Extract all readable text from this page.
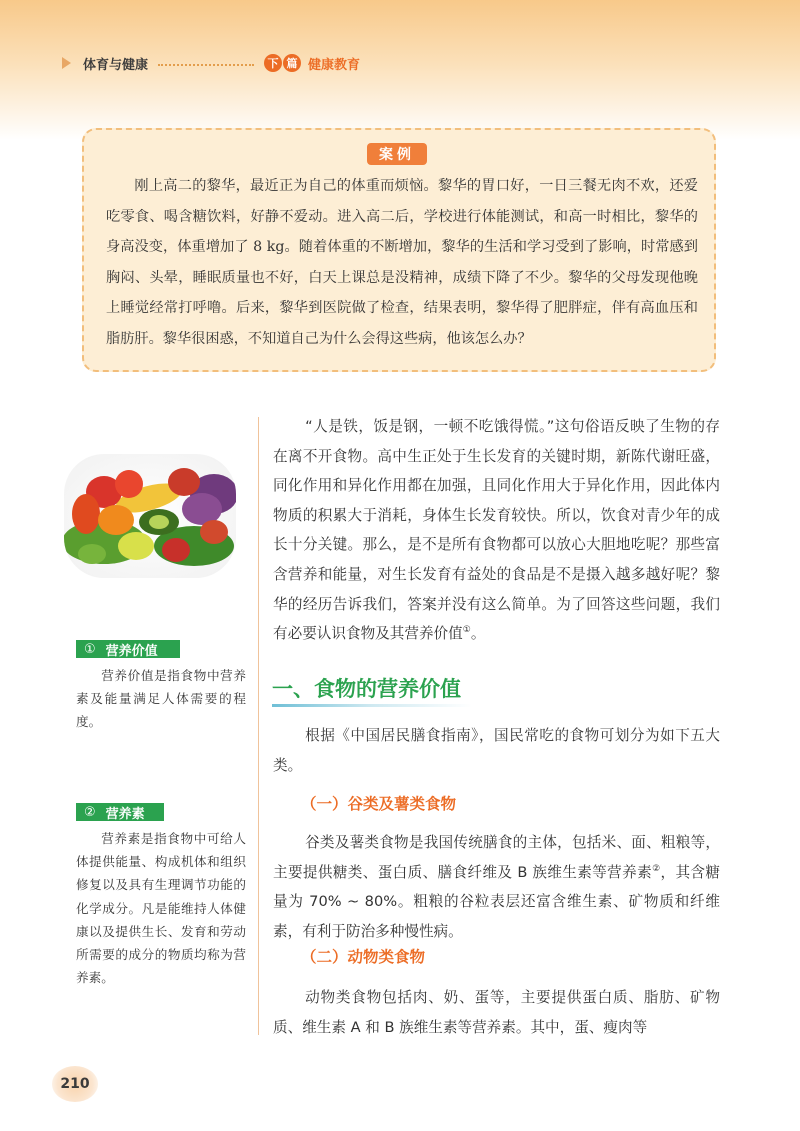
体育与健康	下 篇 健康教育
案例

刚上高二的黎华，最近正为自己的体重而烦恼。黎华的胃口好，一日三餐无肉不欢，还爱吃零食、喝含糖饮料，好静不爱动。进入高二后，学校进行体能测试，和高一时相比，黎华的身高没变，体重增加了 8 kg。随着体重的不断增加，黎华的生活和学习受到了影响，时常感到胸闷、头晕，睡眠质量也不好，白天上课总是没精神，成绩下降了不少。黎华的父母发现他晚上睡觉经常打呼噜。后来，黎华到医院做了检查，结果表明，黎华得了肥胖症，伴有高血压和脂肪肝。黎华很困惑，不知道自己为什么会得这些病，他该怎么办？

① 营养价值

营养价值是指食物中营养素及能量满足人体需要的程度。

② 营养素

营养素是指食物中可给人体提供能量、构成机体和组织修复以及具有生理调节功能的化学成分。凡是能维持人体健康以及提供生长、发育和劳动所需要的成分的物质均称为营养素。

“人是铁，饭是钢，一顿不吃饿得慌。”这句俗语反映了生物的存在离不开食物。高中生正处于生长发育的关键时期，新陈代谢旺盛，同化作用和异化作用都在加强，且同化作用大于异化作用，因此体内物质的积累大于消耗，身体生长发育较快。所以，饮食对青少年的成长十分关键。那么，是不是所有食物都可以放心大胆地吃呢？那些富含营养和能量，对生长发育有益处的食品是不是摄入越多越好呢？黎华的经历告诉我们，答案并没有这么简单。为了回答这些问题，我们有必要认识食物及其营养价值①。

一、食物的营养价值

根据《中国居民膳食指南》，国民常吃的食物可划分为如下五大类。

（一）谷类及薯类食物

谷类及薯类食物是我国传统膳食的主体，包括米、面、粗粮等，主要提供糖类、蛋白质、膳食纤维及 B 族维生素等营养素②，其含糖量为 70% ~ 80%。粗粮的谷粒表层还富含维生素、矿物质和纤维素，有利于防治多种慢性病。

（二）动物类食物

动物类食物包括肉、奶、蛋等，主要提供蛋白质、脂肪、矿物质、维生素 A 和 B 族维生素等营养素。其中，蛋、瘦肉等

210
